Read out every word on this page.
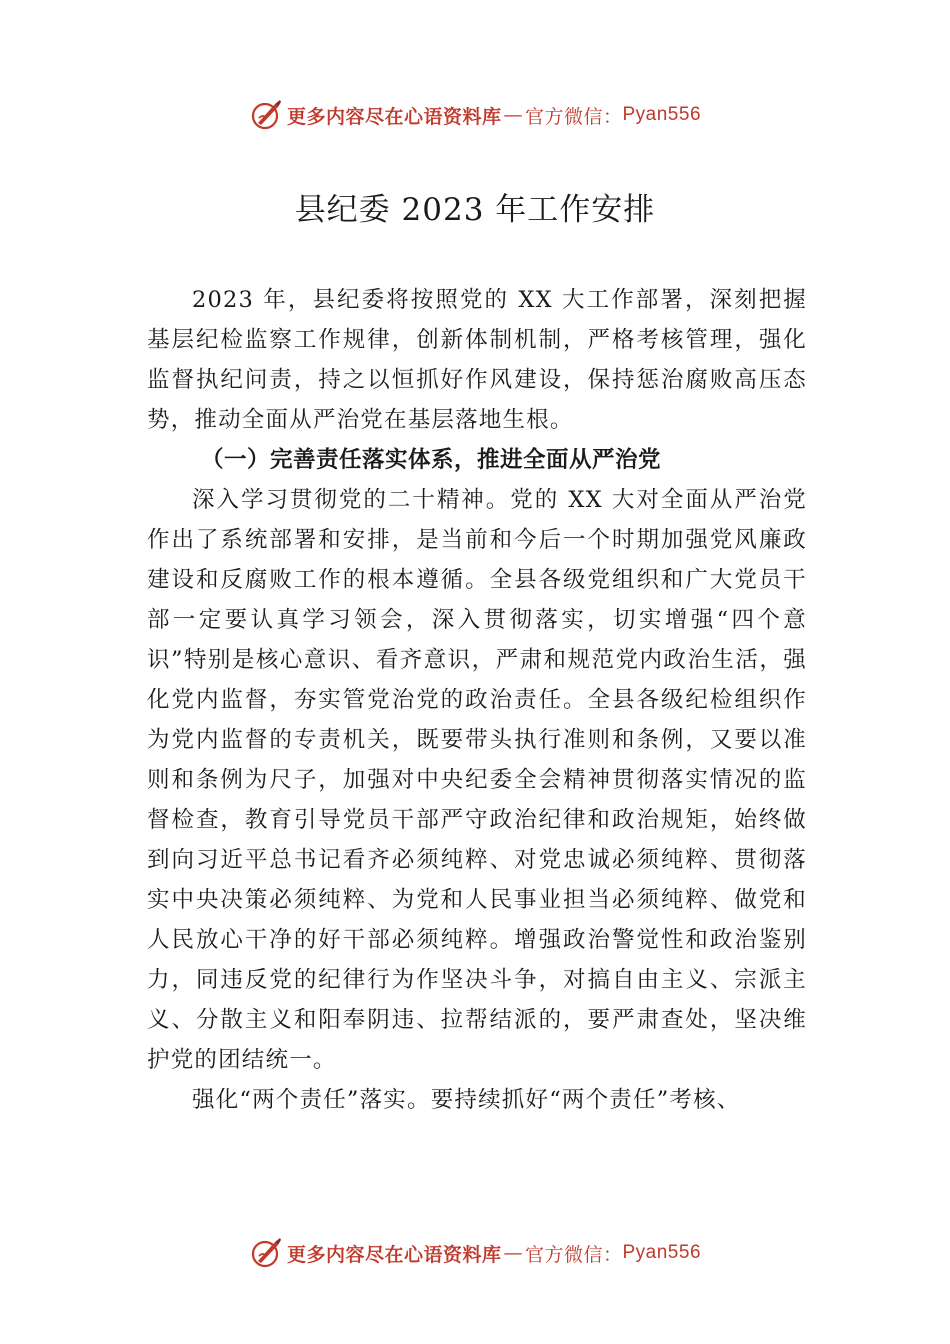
更多内容尽在心语资料库 — 官方微信： Pyan556
县纪委 2023 年工作安排

2023 年，县纪委将按照党的 XX 大工作部署，深刻把握基层纪检监察工作规律，创新体制机制，严格考核管理，强化监督执纪问责，持之以恒抓好作风建设，保持惩治腐败高压态势，推动全面从严治党在基层落地生根。

（一）完善责任落实体系，推进全面从严治党

深入学习贯彻党的二十精神。党的 XX 大对全面从严治党作出了系统部署和安排，是当前和今后一个时期加强党风廉政建设和反腐败工作的根本遵循。全县各级党组织和广大党员干部一定要认真学习领会，深入贯彻落实，切实增强“四个意识”特别是核心意识、看齐意识，严肃和规范党内政治生活，强化党内监督，夯实管党治党的政治责任。全县各级纪检组织作为党内监督的专责机关，既要带头执行准则和条例，又要以准则和条例为尺子，加强对中央纪委全会精神贯彻落实情况的监督检查，教育引导党员干部严守政治纪律和政治规矩，始终做到向习近平总书记看齐必须纯粹、对党忠诚必须纯粹、贯彻落实中央决策必须纯粹、为党和人民事业担当必须纯粹、做党和人民放心干净的好干部必须纯粹。增强政治警觉性和政治鉴别力，同违反党的纪律行为作坚决斗争，对搞自由主义、宗派主义、分散主义和阳奉阴违、拉帮结派的，要严肃查处，坚决维护党的团结统一。

强化“两个责任”落实。要持续抓好“两个责任”考核、

更多内容尽在心语资料库 — 官方微信： Pyan556
